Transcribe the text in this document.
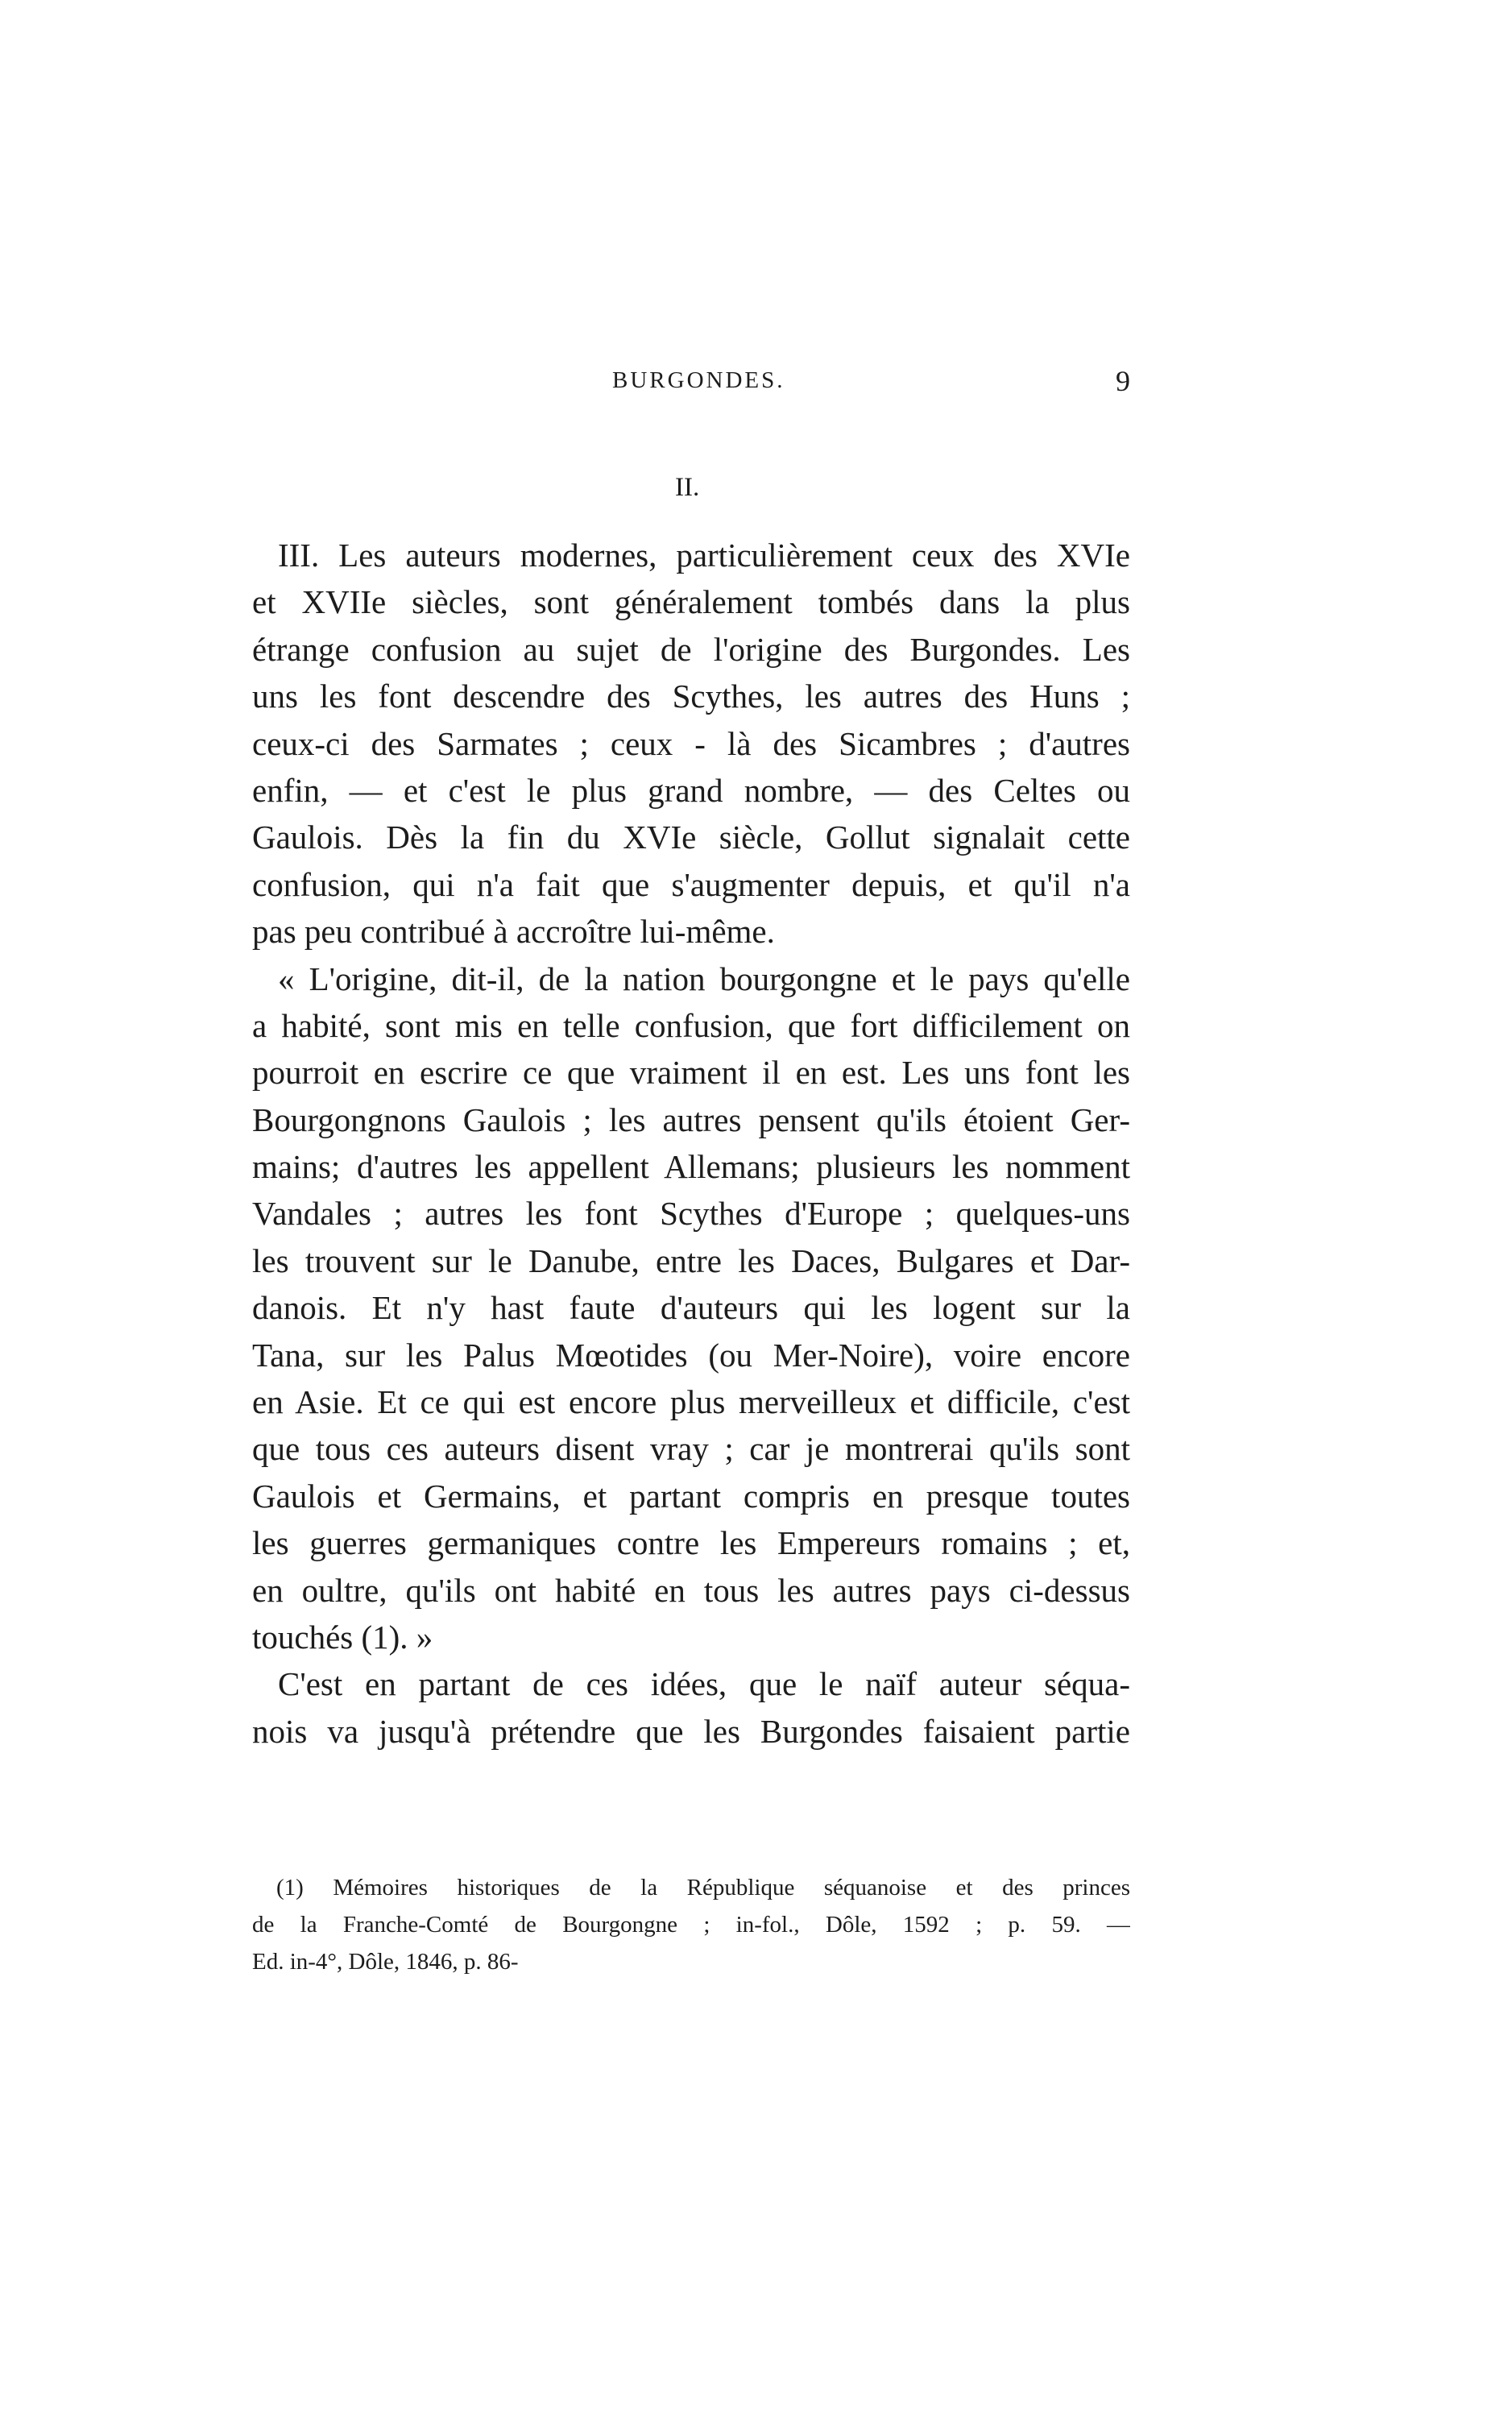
BURGONDES.	9
II.
III. Les auteurs modernes, particulièrement ceux des XVIe
et XVIIe siècles, sont généralement tombés dans la plus
étrange confusion au sujet de l'origine des Burgondes. Les
uns les font descendre des Scythes, les autres des Huns ;
ceux-ci des Sarmates ; ceux - là des Sicambres ; d'autres
enfin, — et c'est le plus grand nombre, — des Celtes ou
Gaulois. Dès la fin du XVIe siècle, Gollut signalait cette
confusion, qui n'a fait que s'augmenter depuis, et qu'il n'a
pas peu contribué à accroître lui-même.
« L'origine, dit-il, de la nation bourgongne et le pays qu'elle
a habité, sont mis en telle confusion, que fort difficilement on
pourroit en escrire ce que vraiment il en est. Les uns font les
Bourgongnons Gaulois ; les autres pensent qu'ils étoient Ger-
mains; d'autres les appellent Allemans; plusieurs les nomment
Vandales ; autres les font Scythes d'Europe ; quelques-uns
les trouvent sur le Danube, entre les Daces, Bulgares et Dar-
danois. Et n'y hast faute d'auteurs qui les logent sur la
Tana, sur les Palus Mœotides (ou Mer-Noire), voire encore
en Asie. Et ce qui est encore plus merveilleux et difficile, c'est
que tous ces auteurs disent vray ; car je montrerai qu'ils sont
Gaulois et Germains, et partant compris en presque toutes
les guerres germaniques contre les Empereurs romains ; et,
en oultre, qu'ils ont habité en tous les autres pays ci-dessus
touchés (1). »
C'est en partant de ces idées, que le naïf auteur séqua-
nois va jusqu'à prétendre que les Burgondes faisaient partie
(1) Mémoires historiques de la République séquanoise et des princes
de la Franche-Comté de Bourgongne ; in-fol., Dôle, 1592 ; p. 59. —
Ed. in-4°, Dôle, 1846, p. 86-
